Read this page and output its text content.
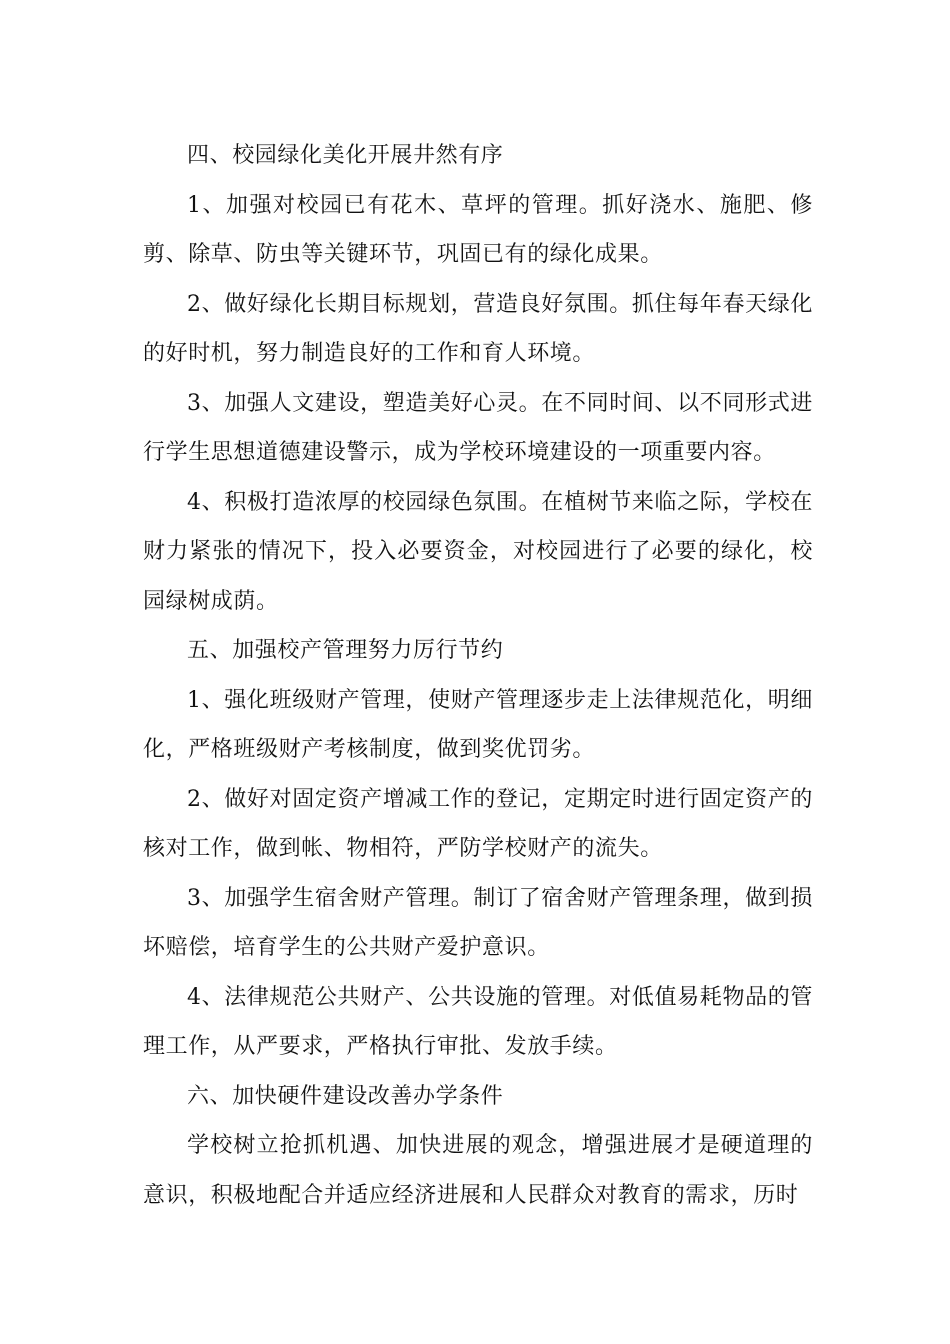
四、校园绿化美化开展井然有序

1、加强对校园已有花木、草坪的管理。抓好浇水、施肥、修剪、除草、防虫等关键环节，巩固已有的绿化成果。

2、做好绿化长期目标规划，营造良好氛围。抓住每年春天绿化的好时机，努力制造良好的工作和育人环境。

3、加强人文建设，塑造美好心灵。在不同时间、以不同形式进行学生思想道德建设警示，成为学校环境建设的一项重要内容。

4、积极打造浓厚的校园绿色氛围。在植树节来临之际，学校在财力紧张的情况下，投入必要资金，对校园进行了必要的绿化，校园绿树成荫。

五、加强校产管理努力厉行节约

1、强化班级财产管理，使财产管理逐步走上法律规范化，明细化，严格班级财产考核制度，做到奖优罚劣。

2、做好对固定资产增减工作的登记，定期定时进行固定资产的核对工作，做到帐、物相符，严防学校财产的流失。

3、加强学生宿舍财产管理。制订了宿舍财产管理条理，做到损坏赔偿，培育学生的公共财产爱护意识。

4、法律规范公共财产、公共设施的管理。对低值易耗物品的管理工作，从严要求，严格执行审批、发放手续。

六、加快硬件建设改善办学条件

学校树立抢抓机遇、加快进展的观念，增强进展才是硬道理的意识，积极地配合并适应经济进展和人民群众对教育的需求，历时
